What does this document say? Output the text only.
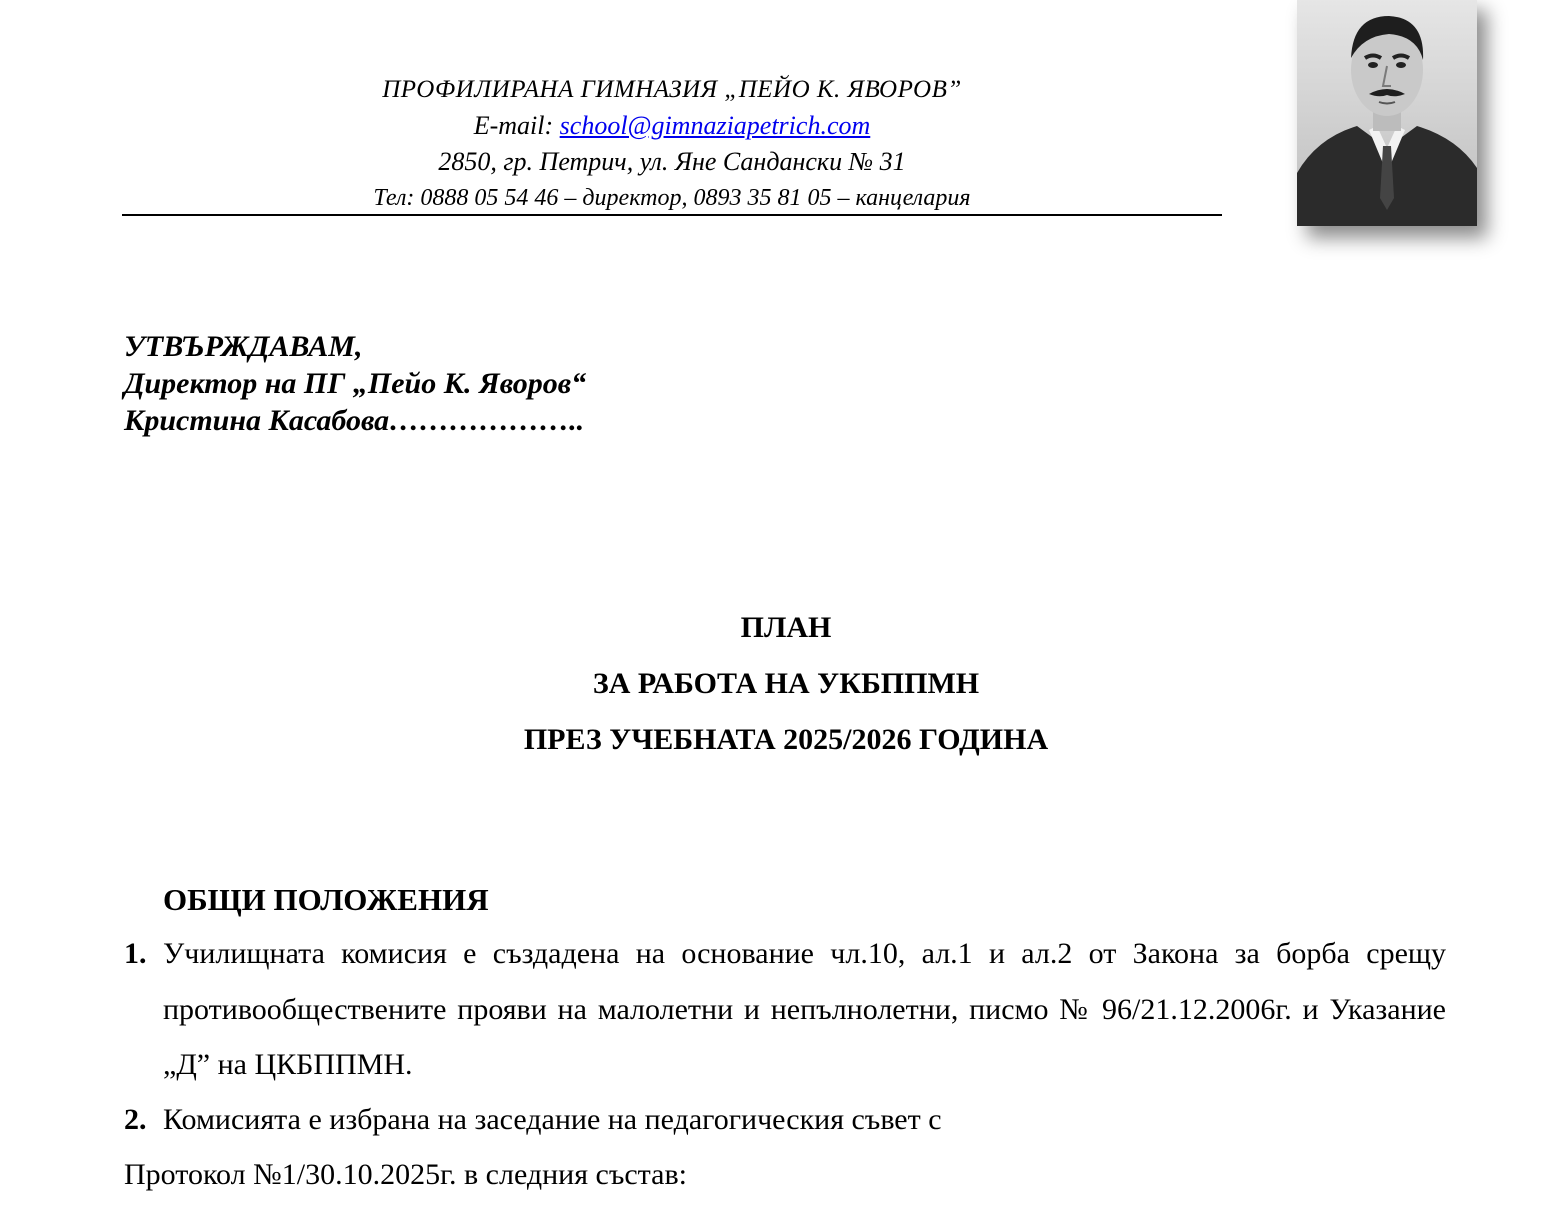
ПРОФИЛИРАНА ГИМНАЗИЯ „ПЕЙО К. ЯВОРОВ”
E-mail: school@gimnaziapetrich.com
2850, гр. Петрич, ул. Яне Сандански № 31
Тел: 0888 05 54 46 – директор, 0893 35 81 05 – канцелария
УТВЪРЖДАВАМ,
Директор на ПГ „Пейо К. Яворов“
Кристина Касабова………………..
ПЛАН
ЗА РАБОТА НА УКБППМН
ПРЕЗ УЧЕБНАТА 2025/2026 ГОДИНА
ОБЩИ ПОЛОЖЕНИЯ
1. Училищната комисия е създадена на основание чл.10, ал.1 и ал.2 от Закона за борба срещу противообществените прояви на малолетни и непълнолетни, писмо № 96/21.12.2006г. и Указание „Д” на ЦКБППМН.
2. Комисията е избрана на заседание на педагогическия съвет с
Протокол №1/30.10.2025г. в следния състав:
